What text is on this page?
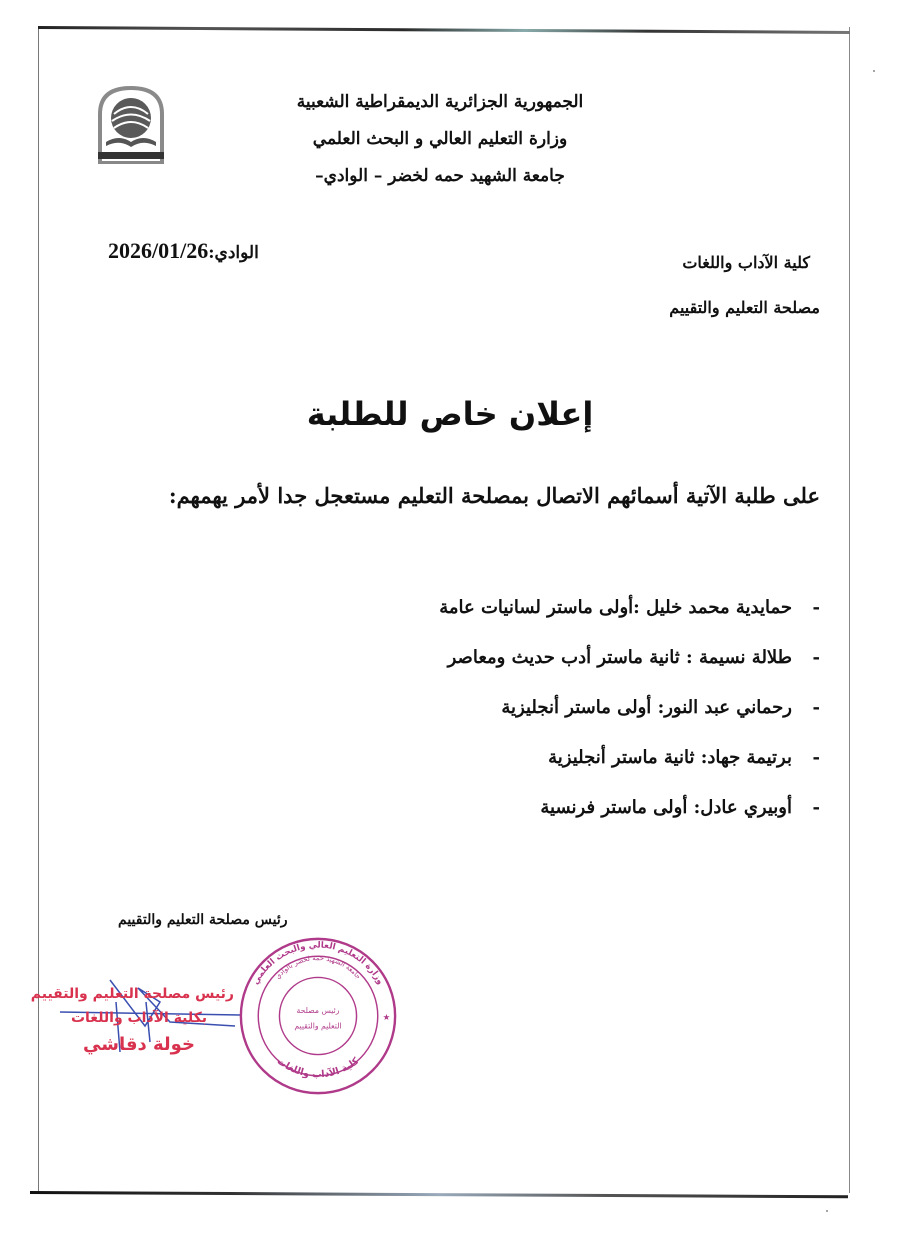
الجمهورية الجزائرية الديمقراطية الشعبية
وزارة التعليم العالي و البحث العلمي
جامعة الشهيد حمه لخضر – الوادي–
الوادي:2026/01/26	كلية الآداب واللغات
مصلحة التعليم والتقييم
إعلان خاص للطلبة
على طلبة الآتية أسمائهم الاتصال بمصلحة التعليم مستعجل جدا لأمر يهمهم:
-
حمايدية محمد خليل :أولى ماستر لسانيات عامة
-
طلالة نسيمة : ثانية ماستر أدب حديث ومعاصر
-
رحماني عبد النور: أولى ماستر أنجليزية
-
برتيمة جهاد: ثانية ماستر أنجليزية
-
أوبيري عادل: أولى ماستر فرنسية
رئيس مصلحة التعليم والتقييم
رئيس مصلحة التعليم والتقييم
بكلية الآداب واللغات
خولة دقاشي
وزارة التعليم العالي والبحث العلمي
جامعة الشهيد حمه لخضر بالوادي
رئيس مصلحة
التعليم والتقييم
كلية الآداب واللغات
★
